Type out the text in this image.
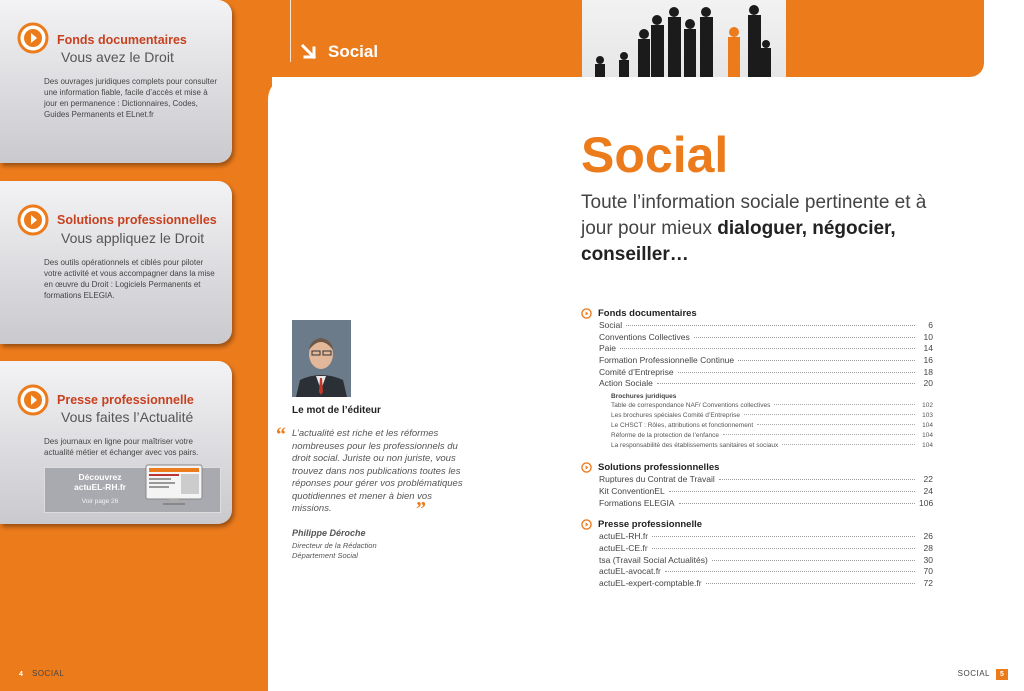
Social
Fonds documentaires
Vous avez le Droit
Des ouvrages juridiques complets pour consulter une information fiable, facile d’accès et mise à jour en permanence : Dictionnaires, Codes, Guides Permanents et ELnet.fr
Solutions professionnelles
Vous appliquez le Droit
Des outils opérationnels et ciblés pour piloter votre activité et vous accompagner dans la mise en œuvre du Droit : Logiciels Permanents et formations ELEGIA.
Presse professionnelle
Vous faites l’Actualité
Des journaux en ligne pour maîtriser votre actualité métier et échanger avec vos pairs.
Découvrez
actuEL-RH.fr
Voir page 26
4	SOCIAL	SOCIAL	5
Social
Toute l’information sociale pertinente et à jour pour mieux dialoguer, négocier, conseiller…
Le mot de l’éditeur
“ L’actualité est riche et les réformes nombreuses pour les professionnels du droit social. Juriste ou non juriste, vous trouvez dans nos publications toutes les réponses pour gérer vos problématiques quotidiennes et mener à bien vos missions.	”
Philippe Déroche
Directeur de la Rédaction
Département Social
Fonds documentaires
Social	6
Conventions Collectives	10
Paie	14
Formation Professionnelle Continue	16
Comité d’Entreprise	18
Action Sociale	20
Brochures juridiques
Table de correspondance NAF/ Conventions collectives	102
Les brochures spéciales Comité d’Entreprise	103
Le CHSCT : Rôles, attributions et fonctionnement	104
Réforme de la protection de l’enfance	104
La responsabilité des établissements sanitaires et sociaux	104
Solutions professionnelles
Ruptures du Contrat de Travail	22
Kit ConventionEL	24
Formations ELEGIA	106
Presse professionnelle
actuEL-RH.fr	26
actuEL-CE.fr	28
tsa (Travail Social Actualités)	30
actuEL-avocat.fr	70
actuEL-expert-comptable.fr	72
